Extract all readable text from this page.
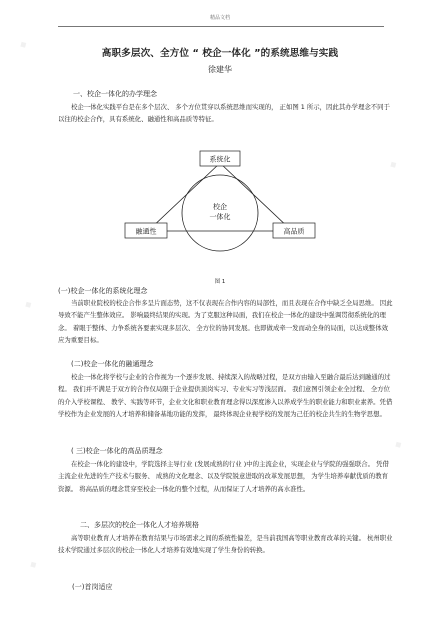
精品文档
高职多层次、全方位 “ 校企一体化 ”的系统思维与实践
徐建华
一、校企一体化的办学理念

校企一体化实践平台是在多个层次、 多个方位贯穿以系统思维而实现的， 正如图 1 所示，因此其办学理念不同于以往的校企合作，具有系统化、融通性和高品质等特征。

系统化
融通性	高品质
校企
一体化
图 1
(一)校企一体化的系统化理念

当前职业院校的校企合作多呈片面态势，这不仅表现在合作内容的局部性，而且表现在合作中缺乏全局思维。 因此导致不能产生整体效应。 影响最终结果的实现。为了克服这种局面，我们在校企一体化的建设中强调贯彻系统化的理念。 着眼于整体、力争系统各要素实现多层次、 全方位的协同发展。也即做成牵一发而动全身的局面，以达成整体效应为重要目标。

(二)校企一体化的融通理念

校企一体化将学校与企业的合作视为一个逐步发展、持续深入的战略过程，是双方由输入至融合最后达到融通的过程。 我们并不满足于双方的合作仅局限于企业提供顶岗实习、专业实习等浅层面。 我们意图引领企业全过程、 全方位的介入学校课程、 教学、实践等环节，企业文化和职业教育理念得以深度渗入以养成学生的职业能力和职业素养。凭借学校作为企业发展的人才培养和储备基地功能的发挥， 最终体现企业视学校的发展为己任的校企共生的生物学思想。

( 三)校企一体化的高品质理念

在校企一体化的建设中，学院选择主导行业 (发展成熟的行业 )中的主流企业，实现企业与学院的强强联合。 凭借主流企业先进的生产技术与服务、 成熟的文化理念、以及学院锐意进取的改革发展思想， 为学生培养奉献优质的教育资源。 将高品质的理念贯穿至校企一体化的整个过程，从而保证了人才培养的高水准性。

二、多层次的校企一体化人才培养规格

高等职业教育人才培养在教育结果与市场需求之间的系统性偏差，是当前我国高等职业教育改革的关键。 杭州职业技术学院通过多层次的校企一体化人才培养有效地实现了学生身份的转换。

(一)首岗适应
◆
◆
◆
◆
◆
